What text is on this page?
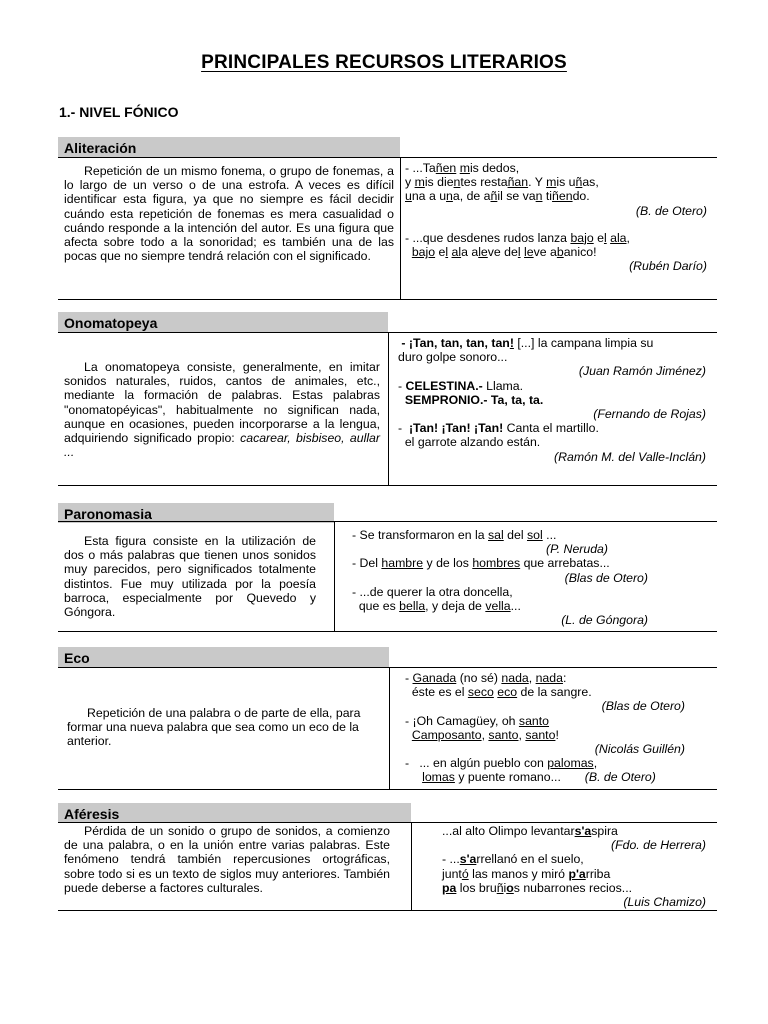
PRINCIPALES RECURSOS LITERARIOS
1.- NIVEL FÓNICO
Aliteración
Repetición de un mismo fonema, o grupo de fonemas, a lo largo de un verso o de una estrofa. A veces es difícil identificar esta figura, ya que no siempre es fácil decidir cuándo esta repetición de fonemas es mera casualidad o cuándo responde a la intención del autor. Es una figura que afecta sobre todo a la sonoridad; es también una de las pocas que no siempre tendrá relación con el significado.
- ...Tañen mis dedos,
y mis dientes restañan. Y mis uñas,
una a una, de añil se van tiñendo.
(B. de Otero)
- ...que desdenes rudos lanza bajo el ala,
bajo el ala aleve del leve abanico!
(Rubén Darío)
Onomatopeya
La onomatopeya consiste, generalmente, en imitar sonidos naturales, ruidos, cantos de animales, etc., mediante la formación de palabras. Estas palabras "onomatopéyicas", habitualmente no significan nada, aunque en ocasiones, pueden incorporarse a la lengua, adquiriendo significado propio: cacarear, bisbiseo, aullar ...
- ¡Tan, tan, tan, tan! [...] la campana limpia su
duro golpe sonoro...
(Juan Ramón Jiménez)
- CELESTINA.- Llama.
SEMPRONIO.- Ta, ta, ta.
(Fernando de Rojas)
-  ¡Tan! ¡Tan! ¡Tan! Canta el martillo.
el garrote alzando están.
(Ramón M. del Valle-Inclán)
Paronomasia
Esta figura consiste en la utilización de dos o más palabras que tienen unos sonidos muy parecidos, pero significados totalmente distintos. Fue muy utilizada por la poesía barroca, especialmente por Quevedo y Góngora.
- Se transformaron en la sal del sol ...
(P. Neruda)
- Del hambre y de los hombres que arrebatas...
(Blas de Otero)
- ...de querer la otra doncella,
que es bella, y deja de vella...
(L. de Góngora)
Eco
Repetición de una palabra o de parte de ella, para formar una nueva palabra que sea como un eco de la anterior.
- Ganada (no sé) nada, nada:
éste es el seco eco de la sangre.
(Blas de Otero)
- ¡Oh Camagüey, oh santo
Camposanto, santo, santo!
(Nicolás Guillén)
-   ... en algún pueblo con palomas,
lomas y puente romano...       (B. de Otero)
Aféresis
Pérdida de un sonido o grupo de sonidos, a comienzo de una palabra, o en la unión entre varias palabras. Este fenómeno tendrá también repercusiones ortográficas, sobre todo si es un texto de siglos muy anteriores. También puede deberse a factores culturales.
...al alto Olimpo levantars'aspira
(Fdo. de Herrera)
- ...s'arrellanó en el suelo,
juntó las manos y miró p'arriba
pa los bruñios nubarrones recios...
(Luis Chamizo)
